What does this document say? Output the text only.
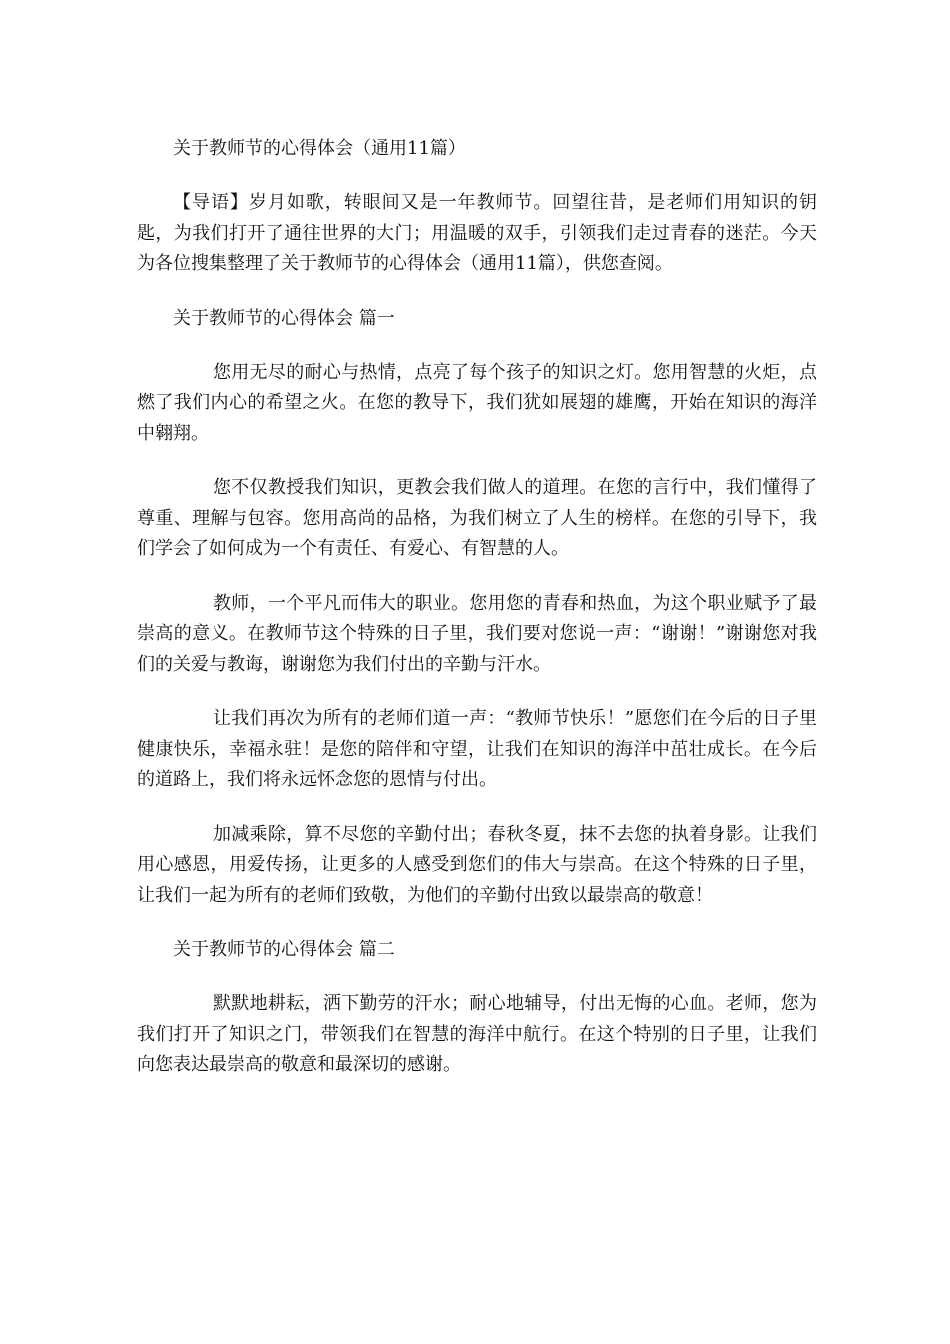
关于教师节的心得体会（通用11篇）

【导语】岁月如歌，转眼间又是一年教师节。回望往昔，是老师们用知识的钥匙，为我们打开了通往世界的大门；用温暖的双手，引领我们走过青春的迷茫。今天为各位搜集整理了关于教师节的心得体会（通用11篇），供您查阅。

关于教师节的心得体会 篇一

您用无尽的耐心与热情，点亮了每个孩子的知识之灯。您用智慧的火炬，点燃了我们内心的希望之火。在您的教导下，我们犹如展翅的雄鹰，开始在知识的海洋中翱翔。

您不仅教授我们知识，更教会我们做人的道理。在您的言行中，我们懂得了尊重、理解与包容。您用高尚的品格，为我们树立了人生的榜样。在您的引导下，我们学会了如何成为一个有责任、有爱心、有智慧的人。

教师，一个平凡而伟大的职业。您用您的青春和热血，为这个职业赋予了最崇高的意义。在教师节这个特殊的日子里，我们要对您说一声：“谢谢！”谢谢您对我们的关爱与教诲，谢谢您为我们付出的辛勤与汗水。

让我们再次为所有的老师们道一声：“教师节快乐！”愿您们在今后的日子里健康快乐，幸福永驻！是您的陪伴和守望，让我们在知识的海洋中茁壮成长。在今后的道路上，我们将永远怀念您的恩情与付出。

加减乘除，算不尽您的辛勤付出；春秋冬夏，抹不去您的执着身影。让我们用心感恩，用爱传扬，让更多的人感受到您们的伟大与崇高。在这个特殊的日子里，让我们一起为所有的老师们致敬，为他们的辛勤付出致以最崇高的敬意！

关于教师节的心得体会 篇二

默默地耕耘，洒下勤劳的汗水；耐心地辅导，付出无悔的心血。老师，您为我们打开了知识之门，带领我们在智慧的海洋中航行。在这个特别的日子里，让我们向您表达最崇高的敬意和最深切的感谢。
